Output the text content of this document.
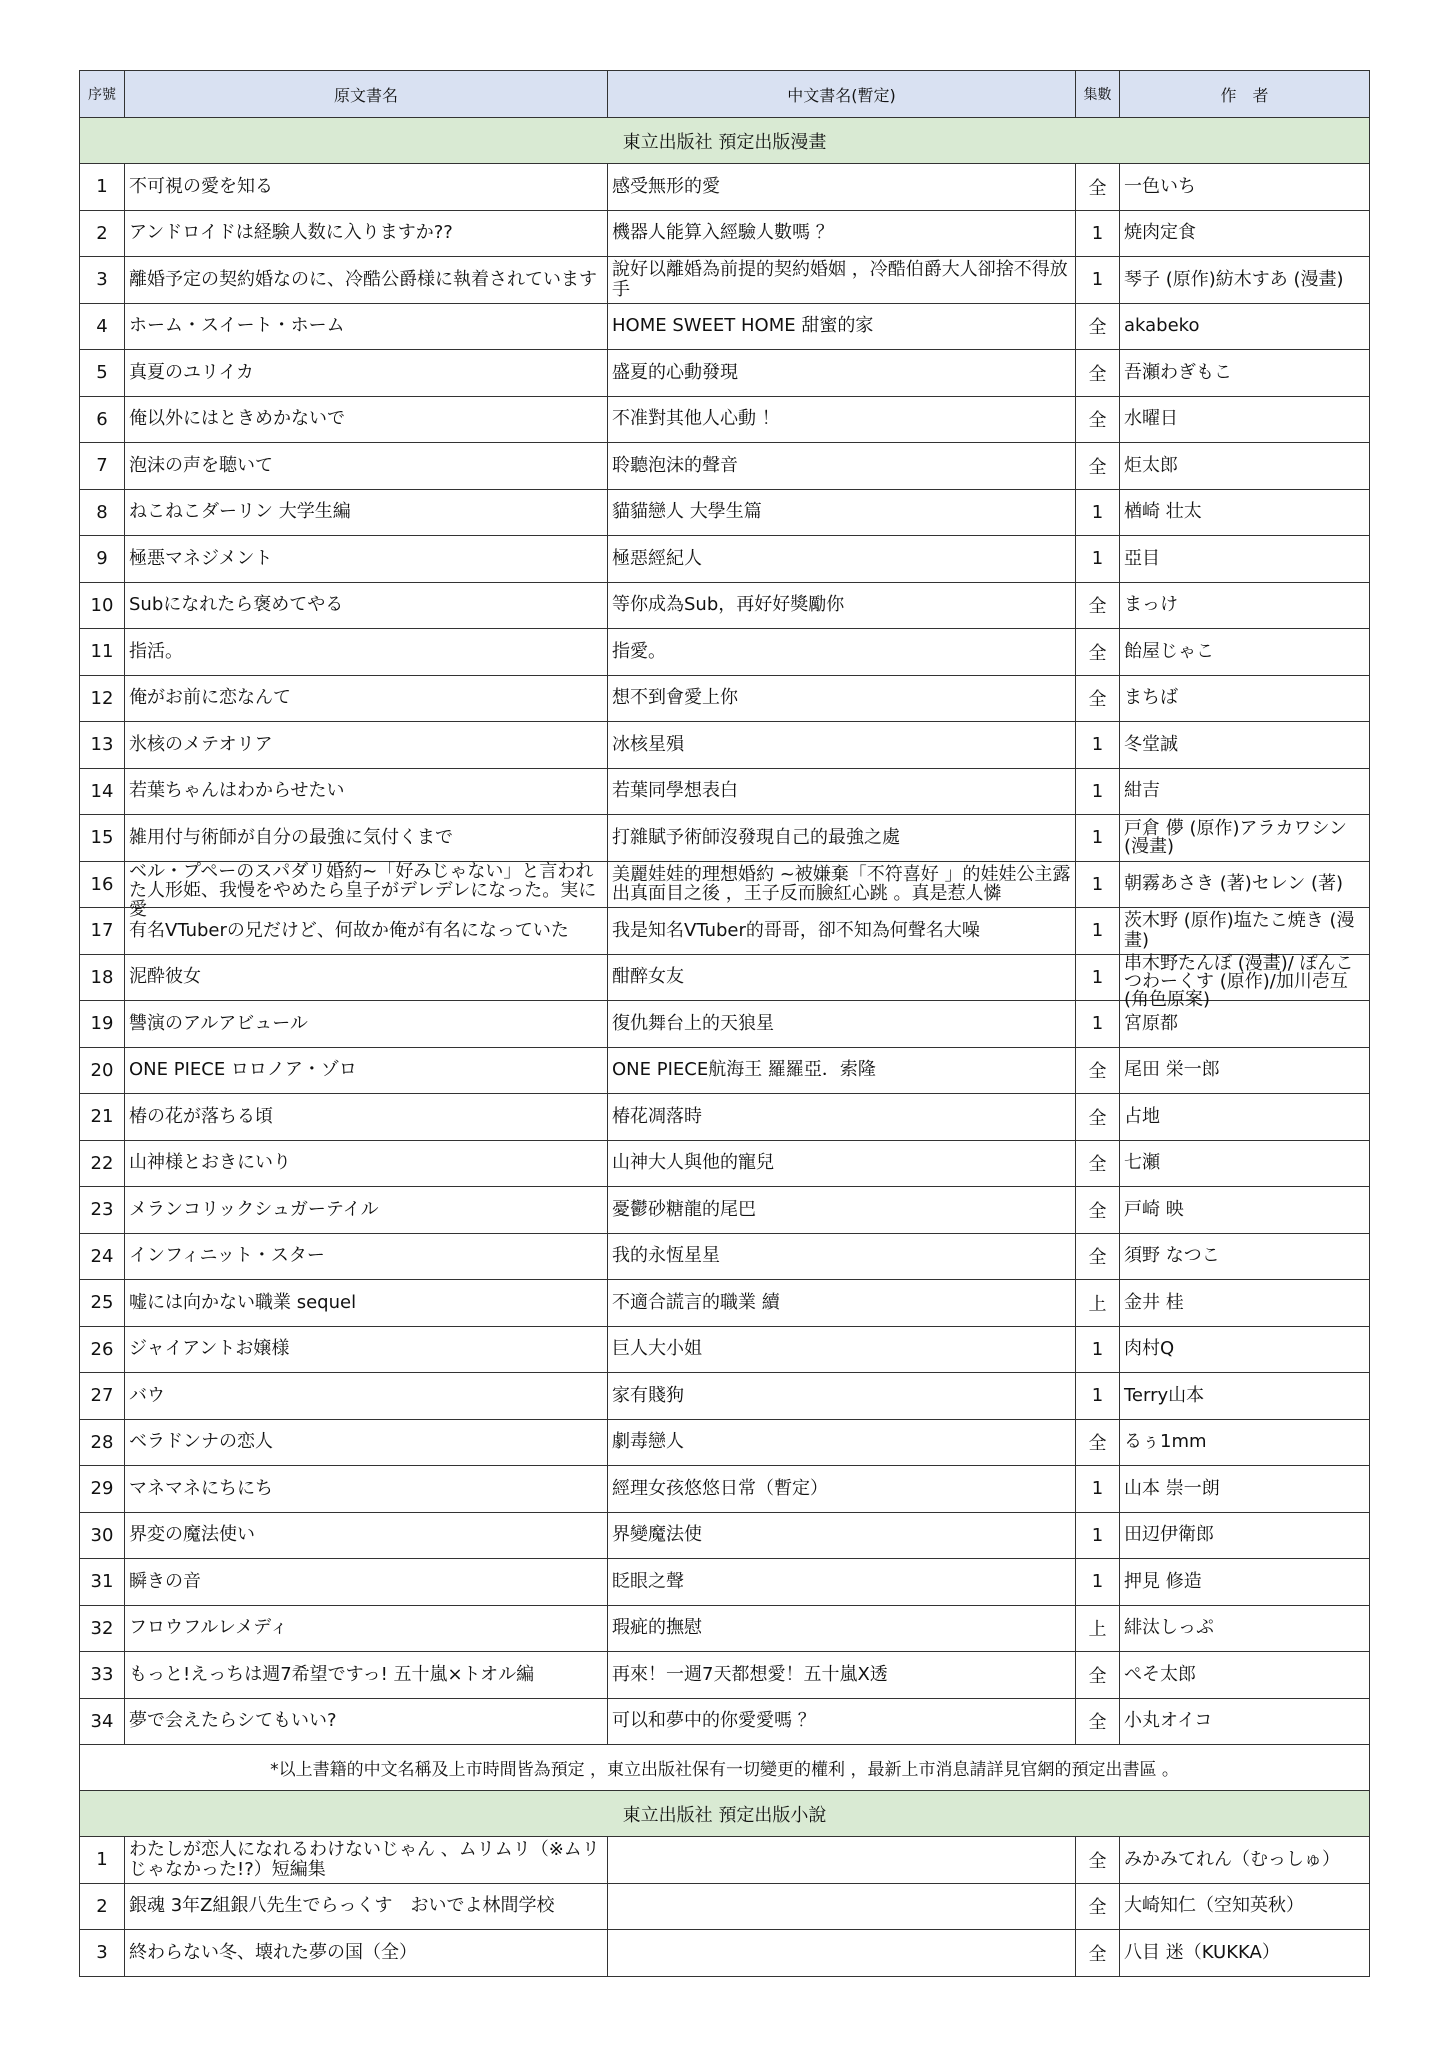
序號	原文書名	中文書名(暫定)	集數	作　者
東立出版社 預定出版漫畫				

1	不可視の愛を知る	感受無形的愛	全	一色いち

2	アンドロイドは経験人数に入りますか??	機器人能算入經驗人數嗎 ？	1	焼肉定食

3	離婚予定の契約婚なのに、冷酷公爵様に執着されています	說好以離婚為前提的契約婚姻 ，冷酷伯爵大人卻捨不得放手	1	琴子 (原作)紡木すあ (漫畫)

4	ホーム・スイート・ホーム	HOME SWEET HOME 甜蜜的家	全	akabeko

5	真夏のユリイカ	盛夏的心動發現	全	吾瀬わぎもこ

6	俺以外にはときめかないで	不准對其他人心動 ！	全	水曜日

7	泡沫の声を聴いて	聆聽泡沫的聲音	全	炬太郎

8	ねこねこダーリン 大学生編	貓貓戀人 大學生篇	1	楢崎 壮太

9	極悪マネジメント	極惡經紀人	1	亞目

10	Subになれたら褒めてやる	等你成為Sub，再好好獎勵你	全	まっけ

11	指活。	指愛。	全	飴屋じゃこ

12	俺がお前に恋なんて	想不到會愛上你	全	まちば

13	氷核のメテオリア	冰核星殞	1	冬堂誠

14	若葉ちゃんはわからせたい	若葉同學想表白	1	紺吉

15	雑用付与術師が自分の最強に気付くまで	打雜賦予術師沒發現自己的最強之處	1	戸倉 儚 (原作)アラカワシン (漫畫)

16	ベル・プペーのスパダリ婚約~「好みじゃない」と言われた人形姫、我慢をやめたら皇子がデレデレになった。実に愛	美麗娃娃的理想婚約 ~被嫌棄「不符喜好 」的娃娃公主露出真面目之後 ，王子反而臉紅心跳 。真是惹人憐	1	朝霧あさき (著)セレン (著)

17	有名VTuberの兄だけど、何故か俺が有名になっていた	我是知名VTuber的哥哥，卻不知為何聲名大噪	1	茨木野 (原作)塩たこ焼き (漫畫)

18	泥酔彼女	酣醉女友	1	串木野たんぼ (漫畫)/ ぽんこつわーくす (原作)/加川壱互 (角色原案)

19	讐演のアルアビュール	復仇舞台上的天狼星	1	宮原都

20	ONE PIECE ロロノア・ゾロ	ONE PIECE航海王 羅羅亞．索隆	全	尾田 栄一郎

21	椿の花が落ちる頃	椿花凋落時	全	占地

22	山神様とおきにいり	山神大人與他的寵兒	全	七瀬

23	メランコリックシュガーテイル	憂鬱砂糖龍的尾巴	全	戸崎 映

24	インフィニット・スター	我的永恆星星	全	須野 なつこ

25	嘘には向かない職業 sequel	不適合謊言的職業 續	上	金井 桂

26	ジャイアントお嬢様	巨人大小姐	1	肉村Q

27	バウ	家有賤狗	1	Terry山本

28	ベラドンナの恋人	劇毒戀人	全	るぅ1mm

29	マネマネにちにち	經理女孩悠悠日常（暫定）	1	山本 崇一朗

30	界変の魔法使い	界變魔法使	1	田辺伊衛郎

31	瞬きの音	眨眼之聲	1	押見 修造

32	フロウフルレメディ	瑕疵的撫慰	上	緋汰しっぷ

33	もっと!えっちは週7希望ですっ! 五十嵐×トオル編	再來！一週7天都想愛！五十嵐X透	全	ぺそ太郎

34	夢で会えたらシてもいい?	可以和夢中的你愛愛嗎 ？	全	小丸オイコ

*以上書籍的中文名稱及上市時間皆為預定 ，東立出版社保有一切變更的權利 ，最新上市消息請詳見官網的預定出書區 。				
東立出版社 預定出版小說				

1	わたしが恋人になれるわけないじゃん 、ムリムリ（※ムリじゃなかった!?）短編集		全	みかみてれん（むっしゅ）

2	銀魂 3年Z組銀八先生でらっくす　おいでよ林間学校		全	大崎知仁（空知英秋）

3	終わらない冬、壊れた夢の国（全）		全	八目 迷（KUKKA）
